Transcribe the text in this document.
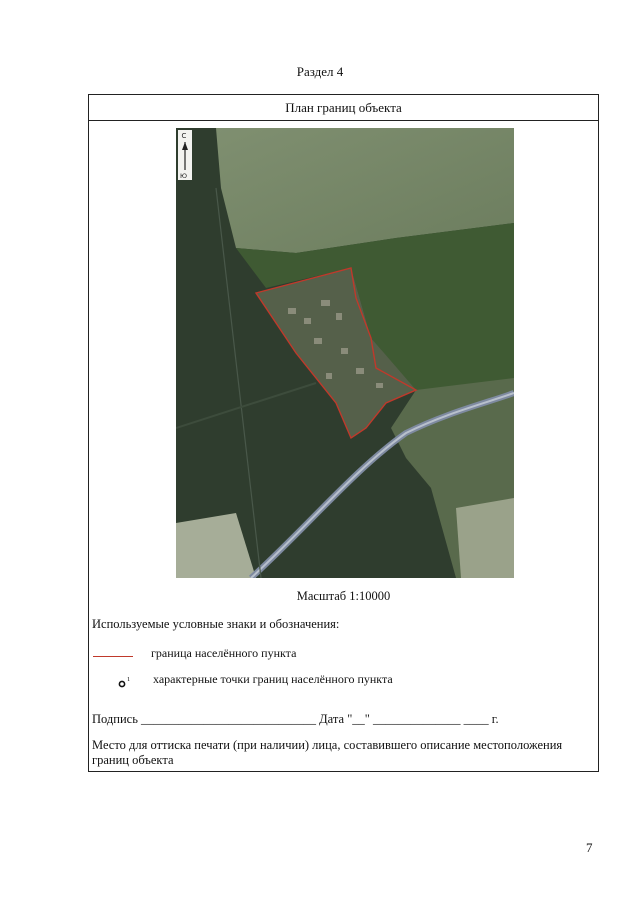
Раздел 4
План границ объекта
С
Ю
Масштаб 1:10000
Используемые условные знаки и обозначения:
граница населённого пункта
1 характерные точки границ населённого пункта
Подпись ____________________________ Дата "__" ______________ ____ г.
Место для оттиска печати (при наличии) лица, составившего описание местоположения границ объекта
7
